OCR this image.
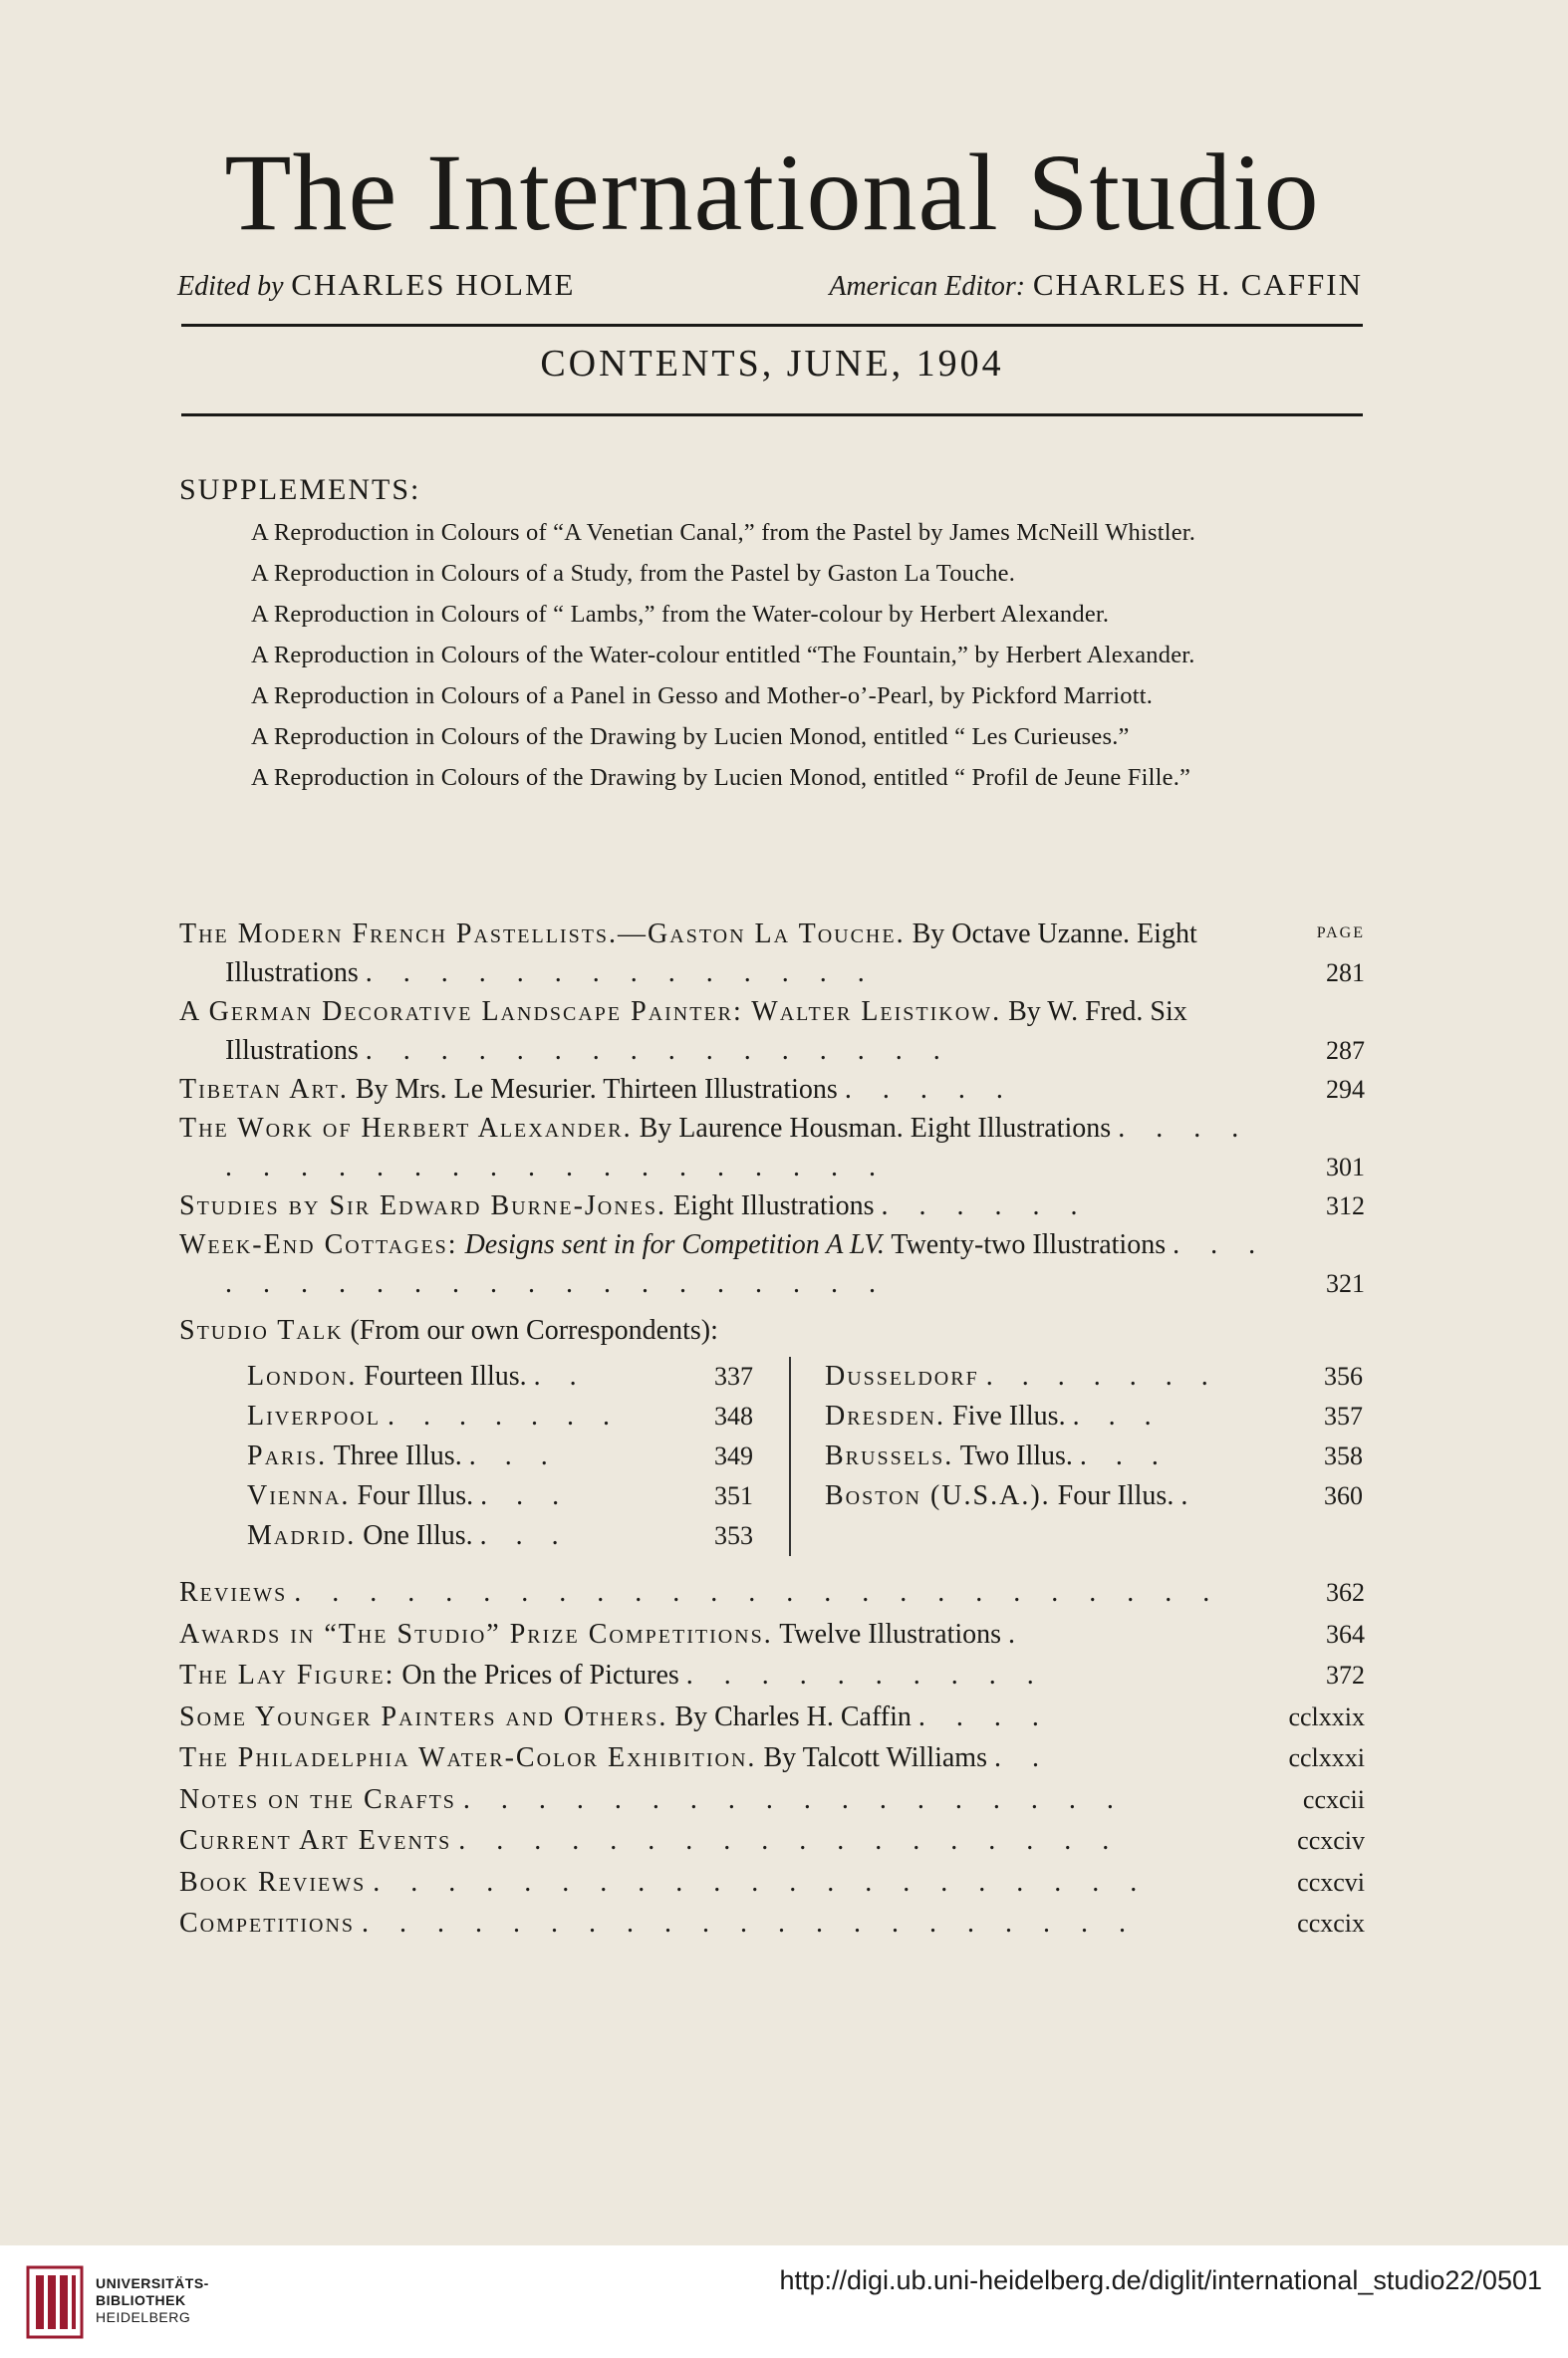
The International Studio
Edited by CHARLES HOLME	American Editor: CHARLES H. CAFFIN
CONTENTS, JUNE, 1904
SUPPLEMENTS:
A Reproduction in Colours of “A Venetian Canal,” from the Pastel by James McNeill Whistler.
A Reproduction in Colours of a Study, from the Pastel by Gaston La Touche.
A Reproduction in Colours of “ Lambs,” from the Water-colour by Herbert Alexander.
A Reproduction in Colours of the Water-colour entitled “The Fountain,” by Herbert Alexander.
A Reproduction in Colours of a Panel in Gesso and Mother-o’-Pearl, by Pickford Marriott.
A Reproduction in Colours of the Drawing by Lucien Monod, entitled “ Les Curieuses.”
A Reproduction in Colours of the Drawing by Lucien Monod, entitled “ Profil de Jeune Fille.”
PAGE
The Modern French Pastellists.—Gaston La Touche. By Octave Uzanne. Eight Illustrations . . . . . . . . . . . . . .	281
A German Decorative Landscape Painter: Walter Leistikow. By W. Fred. Six Illustrations . . . . . . . . . . . . . . . .	287
Tibetan Art. By Mrs. Le Mesurier. Thirteen Illustrations . . . . .	294
The Work of Herbert Alexander. By Laurence Housman. Eight Illustrations . . . . . . . . . . . . . . . . . . . . . .	301
Studies by Sir Edward Burne-Jones. Eight Illustrations . . . . . .	312
Week-End Cottages: Designs sent in for Competition A LV. Twenty-two Illustrations . . . . . . . . . . . . . . . . . . . . .	321
Studio Talk (From our own Correspondents):
London. Fourteen Illus. . .	337
Liverpool . . . . . . .	348
Paris. Three Illus. . . .	349
Vienna. Four Illus. . . .	351
Madrid. One Illus. . . .	353
Dusseldorf . . . . . . .	356
Dresden. Five Illus. . . .	357
Brussels. Two Illus. . . .	358
Boston (U.S.A.). Four Illus. .	360
Reviews . . . . . . . . . . . . . . . . . . . . . . . . .	362
Awards in “The Studio” Prize Competitions. Twelve Illustrations .	364
The Lay Figure: On the Prices of Pictures . . . . . . . . . .	372
Some Younger Painters and Others. By Charles H. Caffin . . . .	cclxxix
The Philadelphia Water-Color Exhibition. By Talcott Williams . .	cclxxxi
Notes on the Crafts . . . . . . . . . . . . . . . . . .	ccxcii
Current Art Events . . . . . . . . . . . . . . . . . .	ccxciv
Book Reviews . . . . . . . . . . . . . . . . . . . . .	ccxcvi
Competitions . . . . . . . . . . . . . . . . . . . . .	ccxcix
UNIVERSITÄTS-
BIBLIOTHEK
HEIDELBERG
http://digi.ub.uni-heidelberg.de/diglit/international_studio22/0501
